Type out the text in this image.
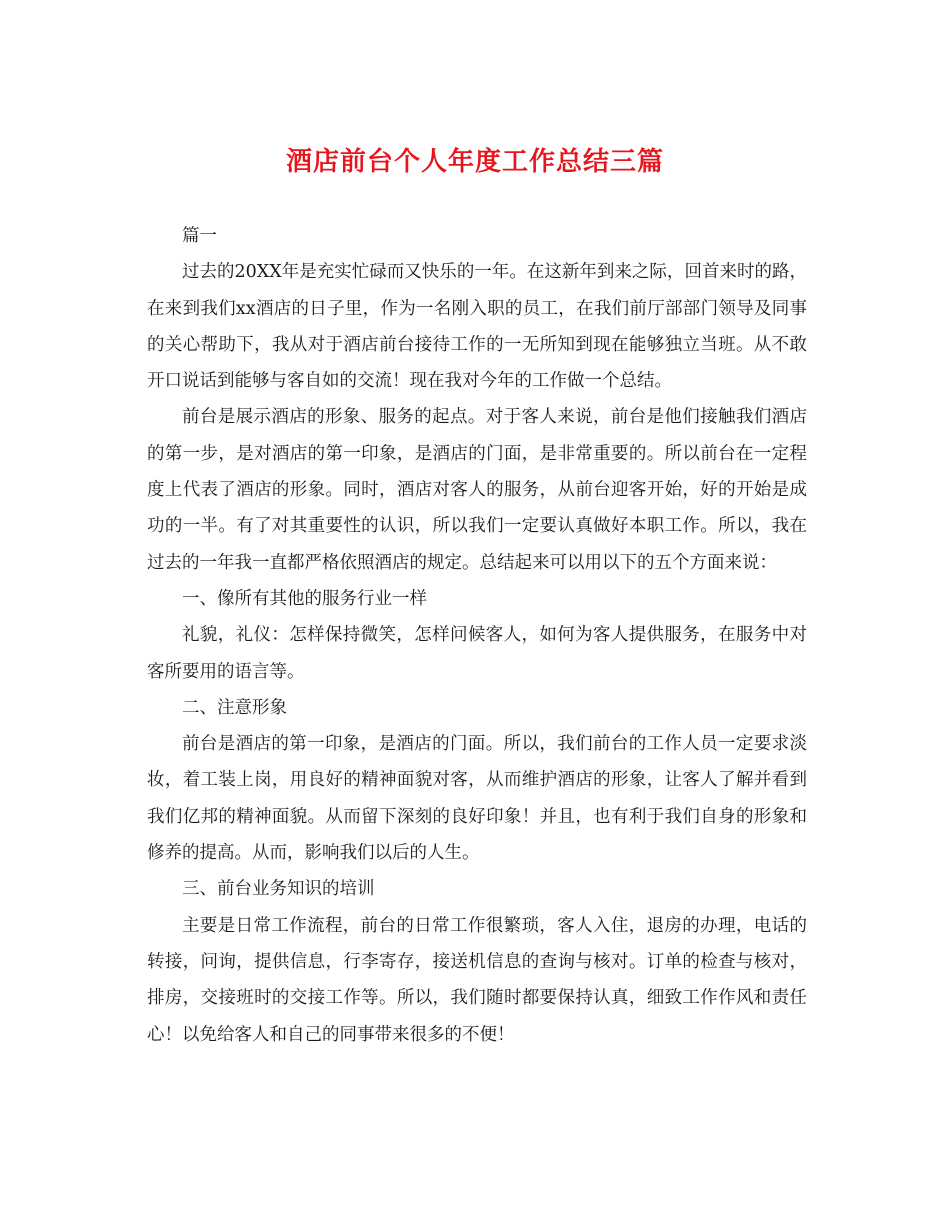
酒店前台个人年度工作总结三篇

篇一

过去的20XX年是充实忙碌而又快乐的一年。在这新年到来之际，回首来时的路，在来到我们xx酒店的日子里，作为一名刚入职的员工，在我们前厅部部门领导及同事的关心帮助下，我从对于酒店前台接待工作的一无所知到现在能够独立当班。从不敢开口说话到能够与客自如的交流！现在我对今年的工作做一个总结。

前台是展示酒店的形象、服务的起点。对于客人来说，前台是他们接触我们酒店的第一步，是对酒店的第一印象，是酒店的门面，是非常重要的。所以前台在一定程度上代表了酒店的形象。同时，酒店对客人的服务，从前台迎客开始，好的开始是成功的一半。有了对其重要性的认识，所以我们一定要认真做好本职工作。所以，我在过去的一年我一直都严格依照酒店的规定。总结起来可以用以下的五个方面来说：

一、像所有其他的服务行业一样

礼貌，礼仪：怎样保持微笑，怎样问候客人，如何为客人提供服务，在服务中对客所要用的语言等。

二、注意形象

前台是酒店的第一印象，是酒店的门面。所以，我们前台的工作人员一定要求淡妆，着工装上岗，用良好的精神面貌对客，从而维护酒店的形象，让客人了解并看到我们亿邦的精神面貌。从而留下深刻的良好印象！并且，也有利于我们自身的形象和修养的提高。从而，影响我们以后的人生。

三、前台业务知识的培训

主要是日常工作流程，前台的日常工作很繁琐，客人入住，退房的办理，电话的转接，问询，提供信息，行李寄存，接送机信息的查询与核对。订单的检查与核对，排房，交接班时的交接工作等。所以，我们随时都要保持认真，细致工作作风和责任心！以免给客人和自己的同事带来很多的不便！
